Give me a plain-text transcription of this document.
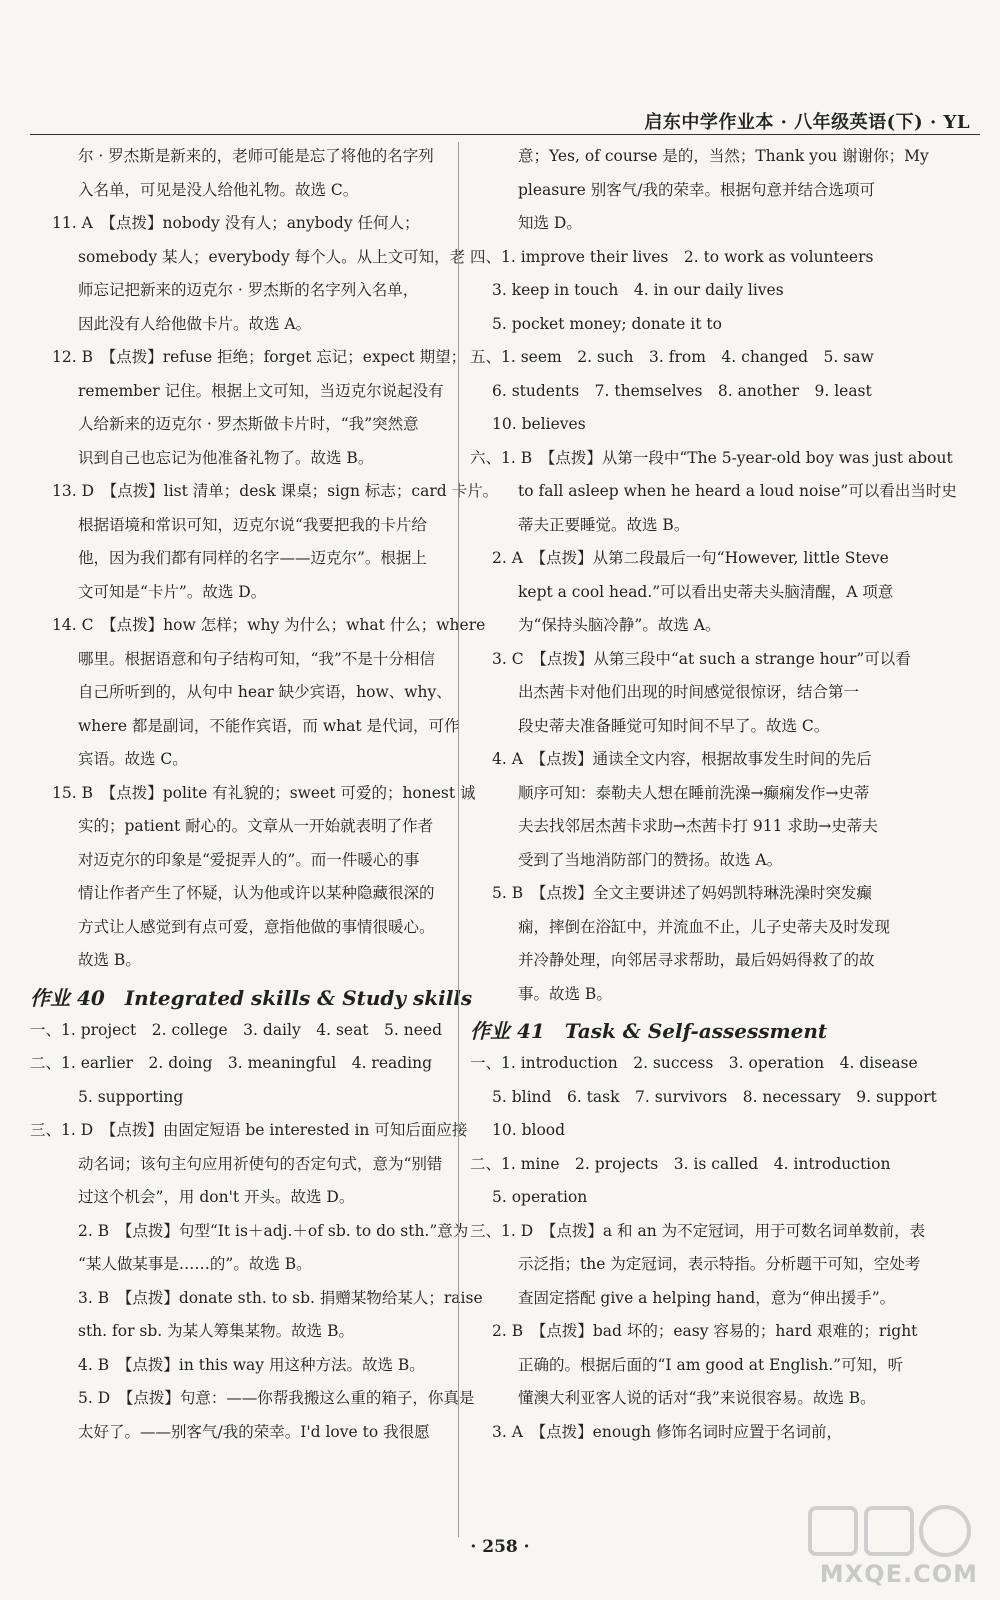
启东中学作业本 · 八年级英语(下) · YL
尔 · 罗杰斯是新来的，老师可能是忘了将他的名字列
入名单，可见是没人给他礼物。故选 C。
11. A　【点拨】nobody 没有人；anybody 任何人；
somebody 某人；everybody 每个人。从上文可知，老
师忘记把新来的迈克尔 · 罗杰斯的名字列入名单，
因此没有人给他做卡片。故选 A。
12. B　【点拨】refuse 拒绝；forget 忘记；expect 期望；
remember 记住。根据上文可知，当迈克尔说起没有
人给新来的迈克尔 · 罗杰斯做卡片时，“我”突然意
识到自己也忘记为他准备礼物了。故选 B。
13. D　【点拨】list 清单；desk 课桌；sign 标志；card 卡片。
根据语境和常识可知，迈克尔说“我要把我的卡片给
他，因为我们都有同样的名字——迈克尔”。根据上
文可知是“卡片”。故选 D。
14. C　【点拨】how 怎样；why 为什么；what 什么；where
哪里。根据语意和句子结构可知，“我”不是十分相信
自己所听到的，从句中 hear 缺少宾语，how、why、
where 都是副词，不能作宾语，而 what 是代词，可作
宾语。故选 C。
15. B　【点拨】polite 有礼貌的；sweet 可爱的；honest 诚
实的；patient 耐心的。文章从一开始就表明了作者
对迈克尔的印象是“爱捉弄人的”。而一件暖心的事
情让作者产生了怀疑，认为他或许以某种隐藏很深的
方式让人感觉到有点可爱，意指他做的事情很暖心。
故选 B。
作业 40　Integrated skills & Study skills
一、1. project　2. college　3. daily　4. seat　5. need
二、1. earlier　2. doing　3. meaningful　4. reading
5. supporting
三、1. D　【点拨】由固定短语 be interested in 可知后面应接
动名词；该句主句应用祈使句的否定句式，意为“别错
过这个机会”，用 don't 开头。故选 D。
2. B　【点拨】句型“It is＋adj.＋of sb. to do sth.”意为
“某人做某事是……的”。故选 B。
3. B　【点拨】donate sth. to sb. 捐赠某物给某人；raise
sth. for sb. 为某人筹集某物。故选 B。
4. B　【点拨】in this way 用这种方法。故选 B。
5. D　【点拨】句意：——你帮我搬这么重的箱子，你真是
太好了。——别客气/我的荣幸。I'd love to 我很愿
意；Yes, of course 是的，当然；Thank you 谢谢你；My
pleasure 别客气/我的荣幸。根据句意并结合选项可
知选 D。
四、1. improve their lives　2. to work as volunteers
3. keep in touch　4. in our daily lives
5. pocket money; donate it to
五、1. seem　2. such　3. from　4. changed　5. saw
6. students　7. themselves　8. another　9. least
10. believes
六、1. B　【点拨】从第一段中“The 5-year-old boy was just about
to fall asleep when he heard a loud noise”可以看出当时史
蒂夫正要睡觉。故选 B。
2. A　【点拨】从第二段最后一句“However, little Steve
kept a cool head.”可以看出史蒂夫头脑清醒，A 项意
为“保持头脑冷静”。故选 A。
3. C　【点拨】从第三段中“at such a strange hour”可以看
出杰茜卡对他们出现的时间感觉很惊讶，结合第一
段史蒂夫准备睡觉可知时间不早了。故选 C。
4. A　【点拨】通读全文内容，根据故事发生时间的先后
顺序可知：泰勒夫人想在睡前洗澡→癫痫发作→史蒂
夫去找邻居杰茜卡求助→杰茜卡打 911 求助→史蒂夫
受到了当地消防部门的赞扬。故选 A。
5. B　【点拨】全文主要讲述了妈妈凯特琳洗澡时突发癫
痫，摔倒在浴缸中，并流血不止，儿子史蒂夫及时发现
并冷静处理，向邻居寻求帮助，最后妈妈得救了的故
事。故选 B。
作业 41　Task & Self-assessment
一、1. introduction　2. success　3. operation　4. disease
5. blind　6. task　7. survivors　8. necessary　9. support
10. blood
二、1. mine　2. projects　3. is called　4. introduction
5. operation
三、1. D　【点拨】a 和 an 为不定冠词，用于可数名词单数前，表
示泛指；the 为定冠词，表示特指。分析题干可知，空处考
查固定搭配 give a helping hand，意为“伸出援手”。
2. B　【点拨】bad 坏的；easy 容易的；hard 艰难的；right
正确的。根据后面的“I am good at English.”可知，听
懂澳大利亚客人说的话对“我”来说很容易。故选 B。
3. A　【点拨】enough 修饰名词时应置于名词前，
· 258 ·
MXQE.COM
